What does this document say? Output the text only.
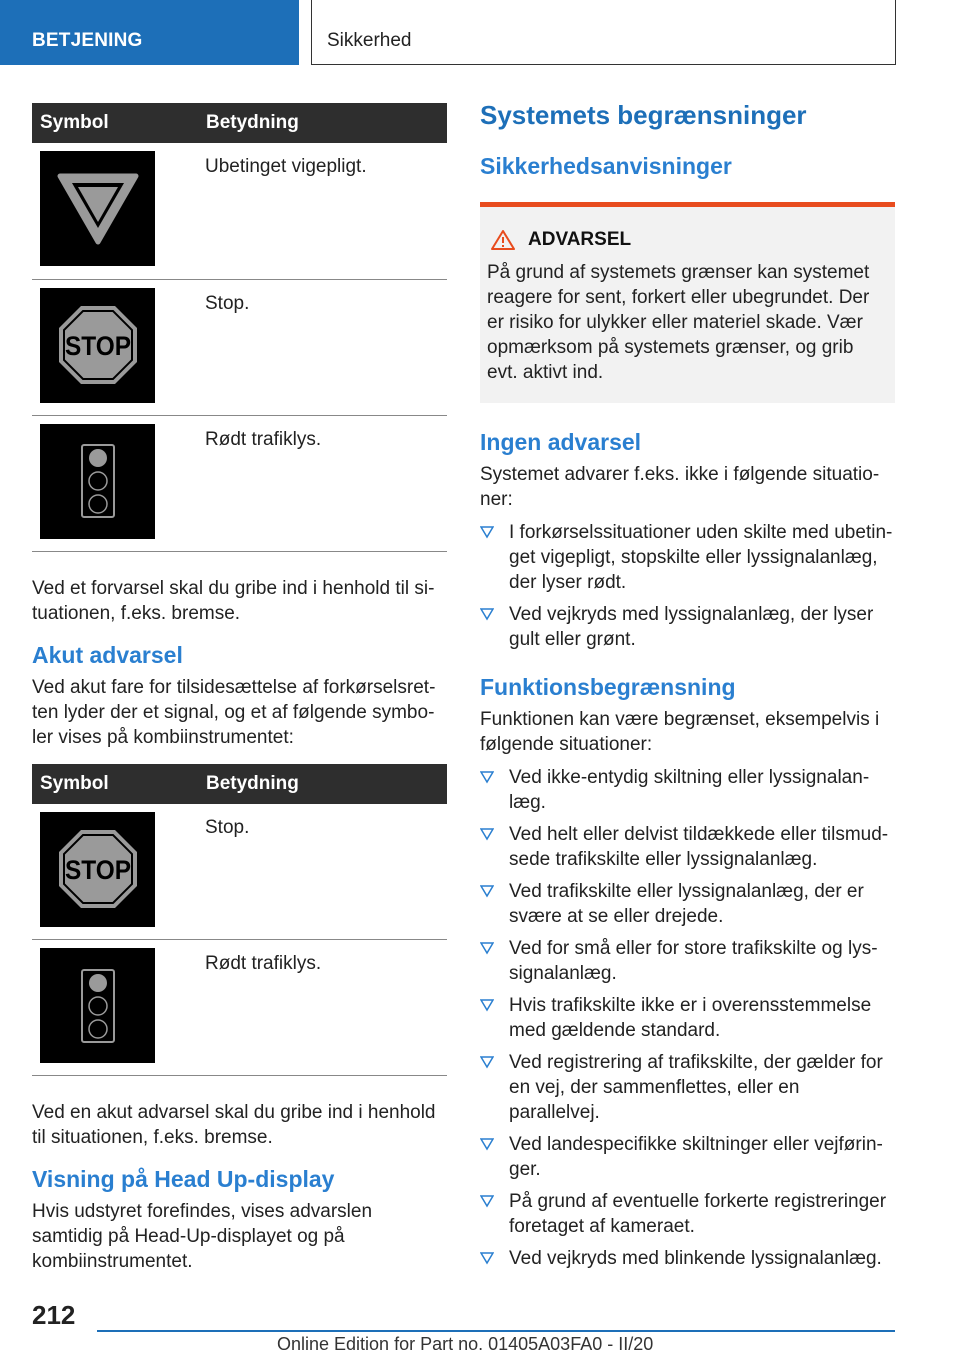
BETJENING	Sikkerhed
Symbol	Betydning

	Ubetinget vigepligt.

STOP	Stop.

	Rødt trafiklys.

Ved et forvarsel skal du gribe ind i henhold til situationen, f.eks. bremse.

Akut advarsel

Ved akut fare for tilsidesættelse af forkørselsretten lyder der et signal, og et af følgende symboler vises på kombiinstrumentet:

Symbol	Betydning

STOP	Stop.

	Rødt trafiklys.

Ved en akut advarsel skal du gribe ind i henhold til situationen, f.eks. bremse.

Visning på Head Up-display

Hvis udstyret forefindes, vises advarslen samtidig på Head-Up-displayet og på kombiinstrumentet.

Systemets begrænsninger
Sikkerhedsanvisninger
ADVARSEL

På grund af systemets grænser kan systemet reagere for sent, forkert eller ubegrundet. Der er risiko for ulykker eller materiel skade. Vær opmærksom på systemets grænser, og grib evt. aktivt ind.

Ingen advarsel

Systemet advarer f.eks. ikke i følgende situationer:

I forkørselssituationer uden skilte med ubetinget vigepligt, stopskilte eller lyssignalanlæg, der lyser rødt.
Ved vejkryds med lyssignalanlæg, der lyser gult eller grønt.
Funktionsbegrænsning

Funktionen kan være begrænset, eksempelvis i følgende situationer:

Ved ikke-entydig skiltning eller lyssignalanlæg.
Ved helt eller delvist tildækkede eller tilsmudsede trafikskilte eller lyssignalanlæg.
Ved trafikskilte eller lyssignalanlæg, der er svære at se eller drejede.
Ved for små eller for store trafikskilte og lyssignalanlæg.
Hvis trafikskilte ikke er i overensstemmelse med gældende standard.
Ved registrering af trafikskilte, der gælder for en vej, der sammenflettes, eller en parallelvej.
Ved landespecifikke skiltninger eller vejføringer.
På grund af eventuelle forkerte registreringer foretaget af kameraet.
Ved vejkryds med blinkende lyssignalanlæg.
212
Online Edition for Part no. 01405A03FA0 - II/20
